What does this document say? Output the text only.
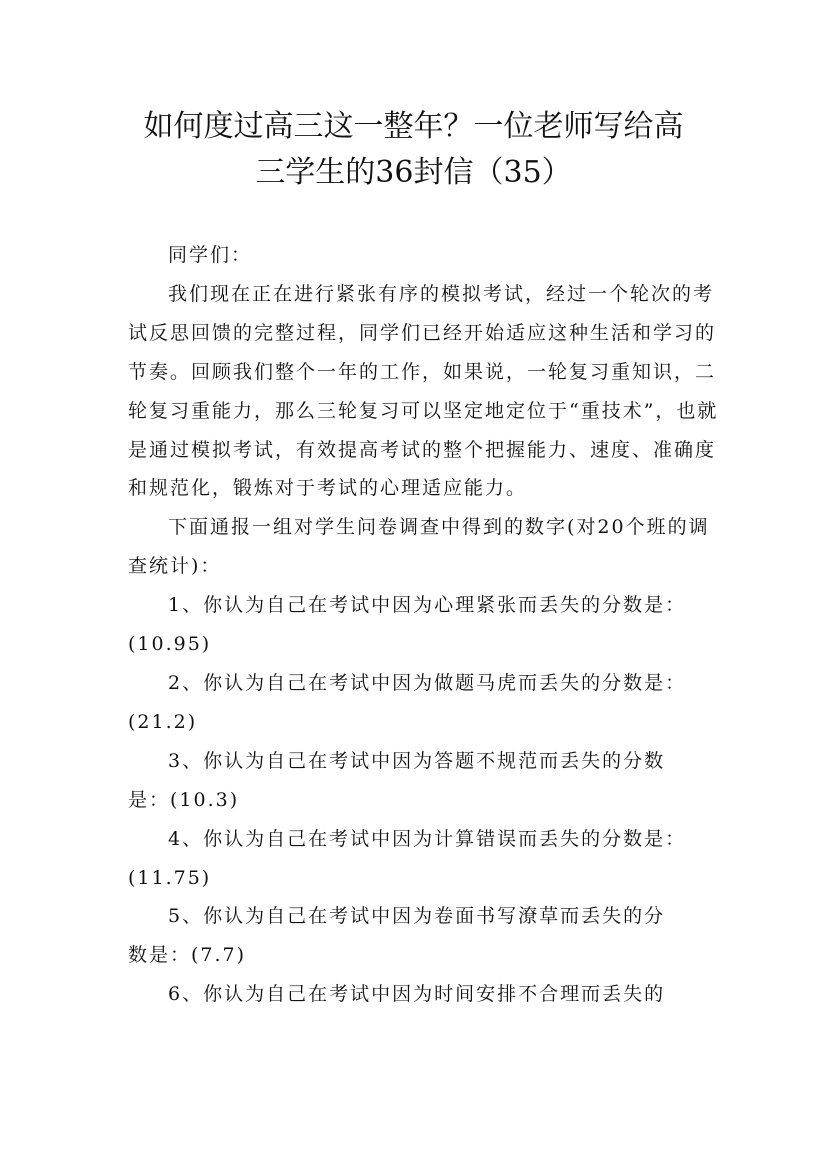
如何度过高三这一整年？一位老师写给高
三学生的36封信（35）

同学们：

我们现在正在进行紧张有序的模拟考试，经过一个轮次的考试反思回馈的完整过程，同学们已经开始适应这种生活和学习的节奏。回顾我们整个一年的工作，如果说，一轮复习重知识，二轮复习重能力，那么三轮复习可以坚定地定位于“重技术”，也就是通过模拟考试，有效提高考试的整个把握能力、速度、准确度和规范化，锻炼对于考试的心理适应能力。

下面通报一组对学生问卷调查中得到的数字(对20个班的调查统计)：

1、你认为自己在考试中因为心理紧张而丢失的分数是：
(10.95)
2、你认为自己在考试中因为做题马虎而丢失的分数是：
(21.2)
3、你认为自己在考试中因为答题不规范而丢失的分数
是：(10.3)
4、你认为自己在考试中因为计算错误而丢失的分数是：
(11.75)
5、你认为自己在考试中因为卷面书写潦草而丢失的分
数是：(7.7)
6、你认为自己在考试中因为时间安排不合理而丢失的
